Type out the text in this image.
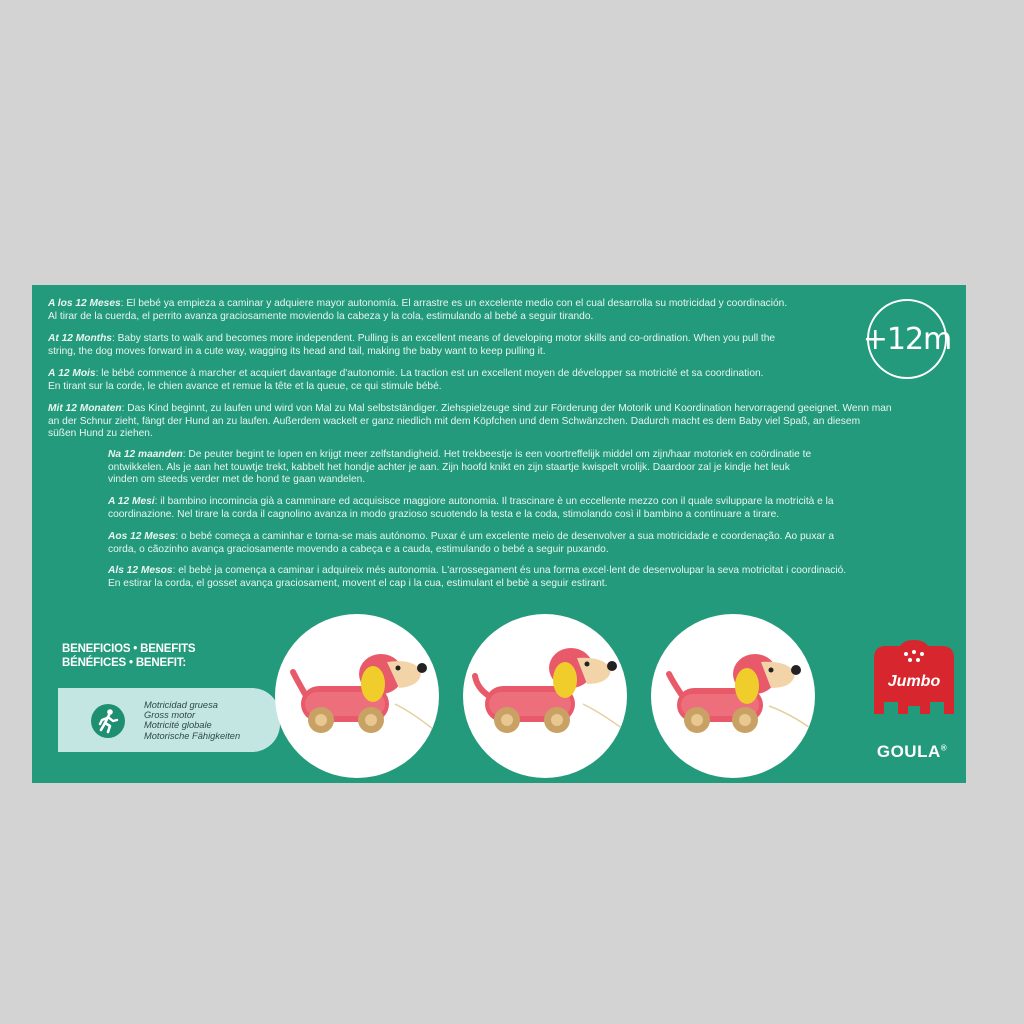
A los 12 Meses: El bebé ya empieza a caminar y adquiere mayor autonomía. El arrastre es un excelente medio con el cual desarrolla su motricidad y coordinación.
Al tirar de la cuerda, el perrito avanza graciosamente moviendo la cabeza y la cola, estimulando al bebé a seguir tirando.
At 12 Months: Baby starts to walk and becomes more independent. Pulling is an excellent means of developing motor skills and co-ordination. When you pull the
string, the dog moves forward in a cute way, wagging its head and tail, making the baby want to keep pulling it.
À 12 Mois: le bébé commence à marcher et acquiert davantage d'autonomie. La traction est un excellent moyen de développer sa motricité et sa coordination.
En tirant sur la corde, le chien avance et remue la tête et la queue, ce qui stimule bébé.
Mit 12 Monaten: Das Kind beginnt, zu laufen und wird von Mal zu Mal selbstständiger. Ziehspielzeuge sind zur Förderung der Motorik und Koordination hervorragend geeignet. Wenn man
an der Schnur zieht, fängt der Hund an zu laufen. Außerdem wackelt er ganz niedlich mit dem Köpfchen und dem Schwänzchen. Dadurch macht es dem Baby viel Spaß, an diesem
süßen Hund zu ziehen.
Na 12 maanden: De peuter begint te lopen en krijgt meer zelfstandigheid. Het trekbeestje is een voortreffelijk middel om zijn/haar motoriek en coördinatie te
ontwikkelen. Als je aan het touwtje trekt, kabbelt het hondje achter je aan. Zijn hoofd knikt en zijn staartje kwispelt vrolijk. Daardoor zal je kindje het leuk
vinden om steeds verder met de hond te gaan wandelen.
A 12 Mesi: il bambino incomincia già a camminare ed acquisisce maggiore autonomia. Il trascinare è un eccellente mezzo con il quale sviluppare la motricità e la
coordinazione. Nel tirare la corda il cagnolino avanza in modo grazioso scuotendo la testa e la coda, stimolando così il bambino a continuare a tirare.
Aos 12 Meses: o bebé começa a caminhar e torna-se mais autónomo. Puxar é um excelente meio de desenvolver a sua motricidade e coordenação. Ao puxar a
corda, o cãozinho avança graciosamente movendo a cabeça e a cauda, estimulando o bebé a seguir puxando.
Als 12 Mesos: el bebè ja comença a caminar i adquireix més autonomia. L'arrossegament és una forma excel·lent de desenvolupar la seva motricitat i coordinació.
En estirar la corda, el gosset avança graciosament, movent el cap i la cua, estimulant el bebè a seguir estirant.
+12m
BENEFICIOS • BENEFITS
BÉNÉFICES • BENEFIT:
Motricidad gruesa
Gross motor
Motricité globale
Motorische Fähigkeiten
Jumbo
GOULA®
